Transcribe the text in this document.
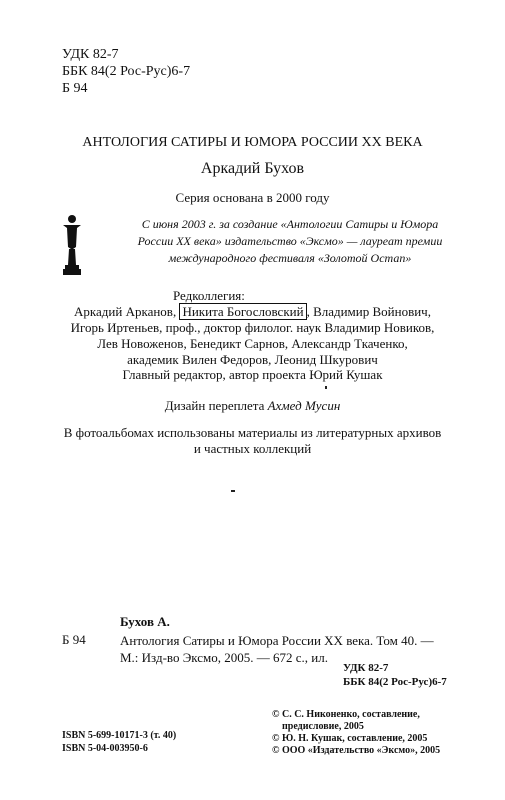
УДК 82-7
ББК 84(2 Рос-Рус)6-7
Б 94
АНТОЛОГИЯ САТИРЫ И ЮМОРА РОССИИ XX ВЕКА
Аркадий Бухов
Серия основана в 2000 году
С июня 2003 г. за создание «Антологии Сатиры и Юмора
России XX века» издательство «Эксмо» — лауреат премии
международного фестиваля «Золотой Остап»
Редколлегия:
Аркадий Арканов, Никита Богословский , Владимир Войнович,
Игорь Иртеньев, проф., доктор филолог. наук Владимир Новиков,
Лев Новоженов, Бенедикт Сарнов, Александр Ткаченко,
академик Вилен Федоров, Леонид Шкурович
Главный редактор, автор проекта Юрий Кушак
Дизайн переплета Ахмед Мусин
В фотоальбомах использованы материалы из литературных архивов
и частных коллекций
Бухов А.
Б 94	Антология Сатиры и Юмора России XX века. Том 40. —
М.: Изд-во Эксмо, 2005. — 672 с., ил.
УДК 82-7
ББК 84(2 Рос-Рус)6-7
ISBN 5-699-10171-3 (т. 40)
ISBN 5-04-003950-6
© С. С. Никоненко, составление,
предисловие, 2005
© Ю. Н. Кушак, составление, 2005
© ООО «Издательство «Эксмо», 2005
